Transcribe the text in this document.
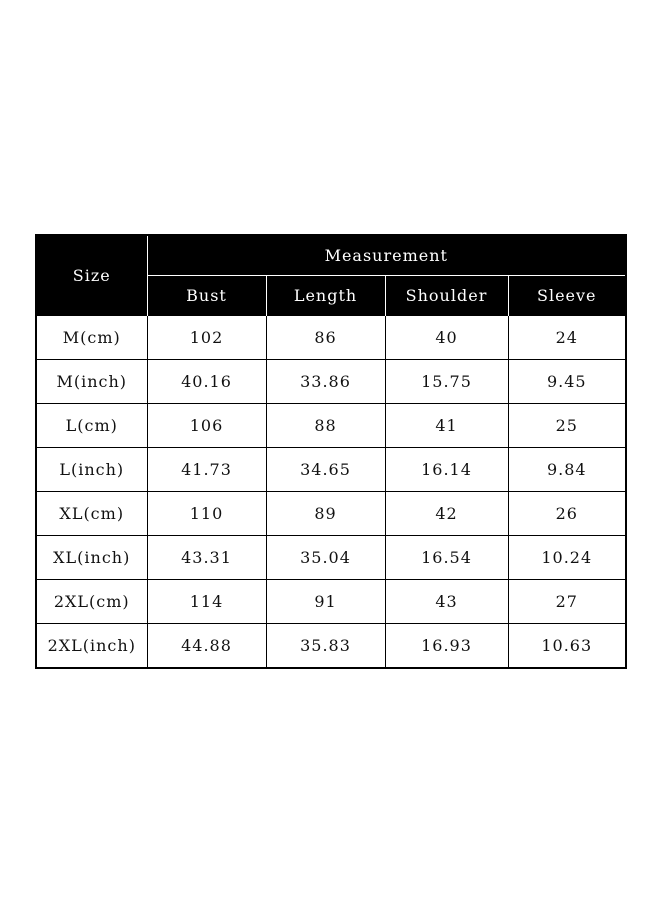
Size	Measurement			
	Bust	Length	Shoulder	Sleeve
M(cm)	102	86	40	24
M(inch)	40.16	33.86	15.75	9.45
L(cm)	106	88	41	25
L(inch)	41.73	34.65	16.14	9.84
XL(cm)	110	89	42	26
XL(inch)	43.31	35.04	16.54	10.24
2XL(cm)	114	91	43	27
2XL(inch)	44.88	35.83	16.93	10.63
